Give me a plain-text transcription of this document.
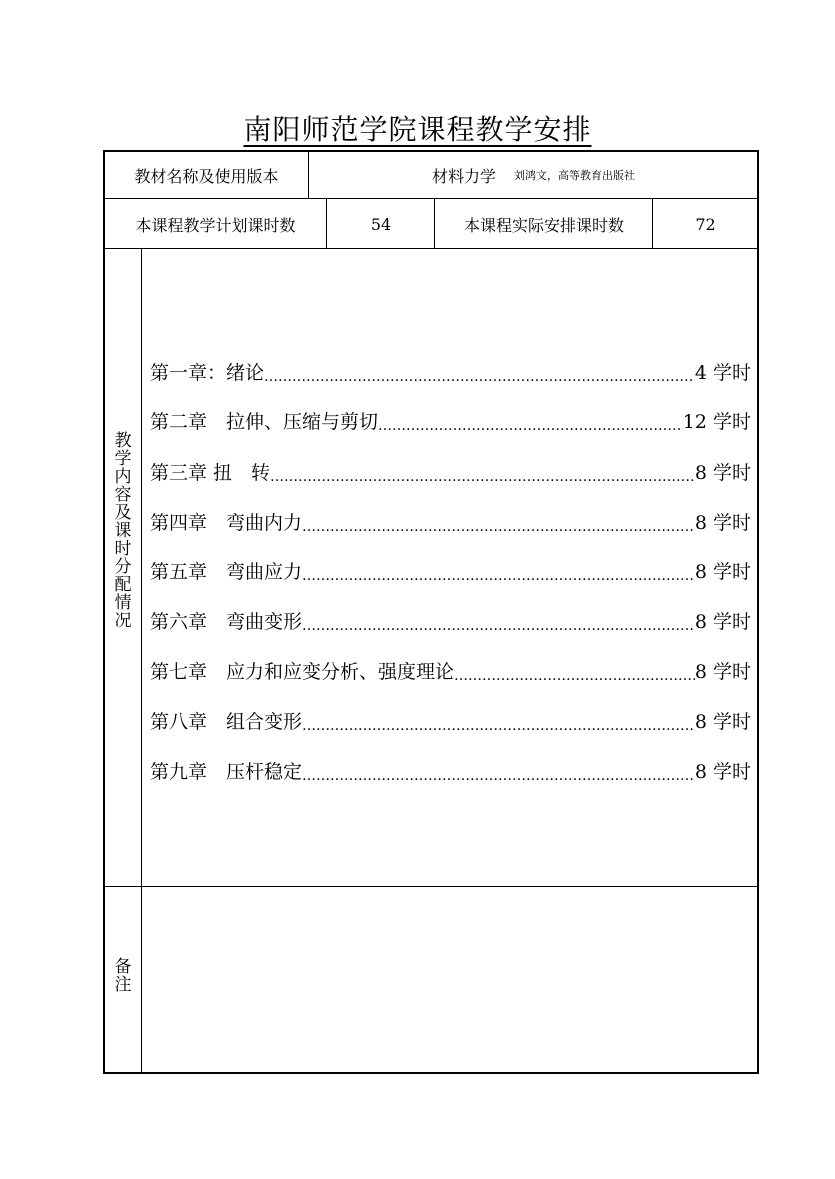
南阳师范学院课程教学安排
教材名称及使用版本	材料力学 刘鸿文，高等教育出版社
本课程教学计划课时数	54	本课程实际安排课时数	72
教
学
内
容
及
课
时
分
配
情
况
第一章：绪论 ……………………………………………………………………………………………………………………	4 学时
第二章　拉伸、压缩与剪切 ……………………………………………………………………………………………………………………	12 学时
第三章 扭　转 ……………………………………………………………………………………………………………………	8 学时
第四章　弯曲内力 ……………………………………………………………………………………………………………………	8 学时
第五章　弯曲应力 ……………………………………………………………………………………………………………………	8 学时
第六章　弯曲变形 ……………………………………………………………………………………………………………………	8 学时
第七章　应力和应变分析、强度理论 ……………………………………………………………………………………………………………………	8 学时
第八章　组合变形 ……………………………………………………………………………………………………………………	8 学时
第九章　压杆稳定 ……………………………………………………………………………………………………………………	8 学时
备
注
